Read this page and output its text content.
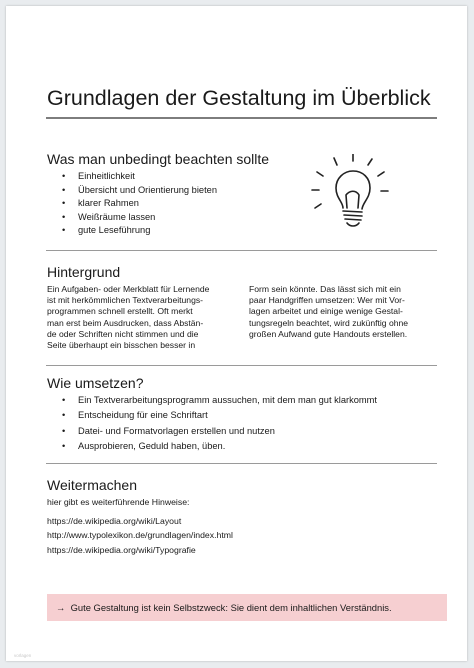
Grundlagen der Gestaltung im Überblick
Was man unbedingt beachten sollte
• Einheitlichkeit
• Übersicht und Orientierung bieten
• klarer Rahmen
• Weißräume lassen
• gute Leseführung
Hintergrund
Ein Aufgaben- oder Merkblatt für Lernende
ist mit herkömmlichen Textverarbeitungs-
programmen schnell erstellt. Oft merkt
man erst beim Ausdrucken, dass Abstän-
de oder Schriften nicht stimmen und die
Seite überhaupt ein bisschen besser in
Form sein könnte. Das lässt sich mit ein
paar Handgriffen umsetzen: Wer mit Vor-
lagen arbeitet und einige wenige Gestal-
tungsregeln beachtet, wird zukünftig ohne
großen Aufwand gute Handouts erstellen.
Wie umsetzen?
• Ein Textverarbeitungsprogramm aussuchen, mit dem man gut klarkommt
• Entscheidung für eine Schriftart
• Datei- und Formatvorlagen erstellen und nutzen
• Ausprobieren, Geduld haben, üben.
Weitermachen
hier gibt es weiterführende Hinweise:
https://de.wikipedia.org/wiki/Layout
http://www.typolexikon.de/grundlagen/index.html
https://de.wikipedia.org/wiki/Typografie
→ Gute Gestaltung ist kein Selbstzweck: Sie dient dem inhaltlichen Verständnis.
vorlagen
